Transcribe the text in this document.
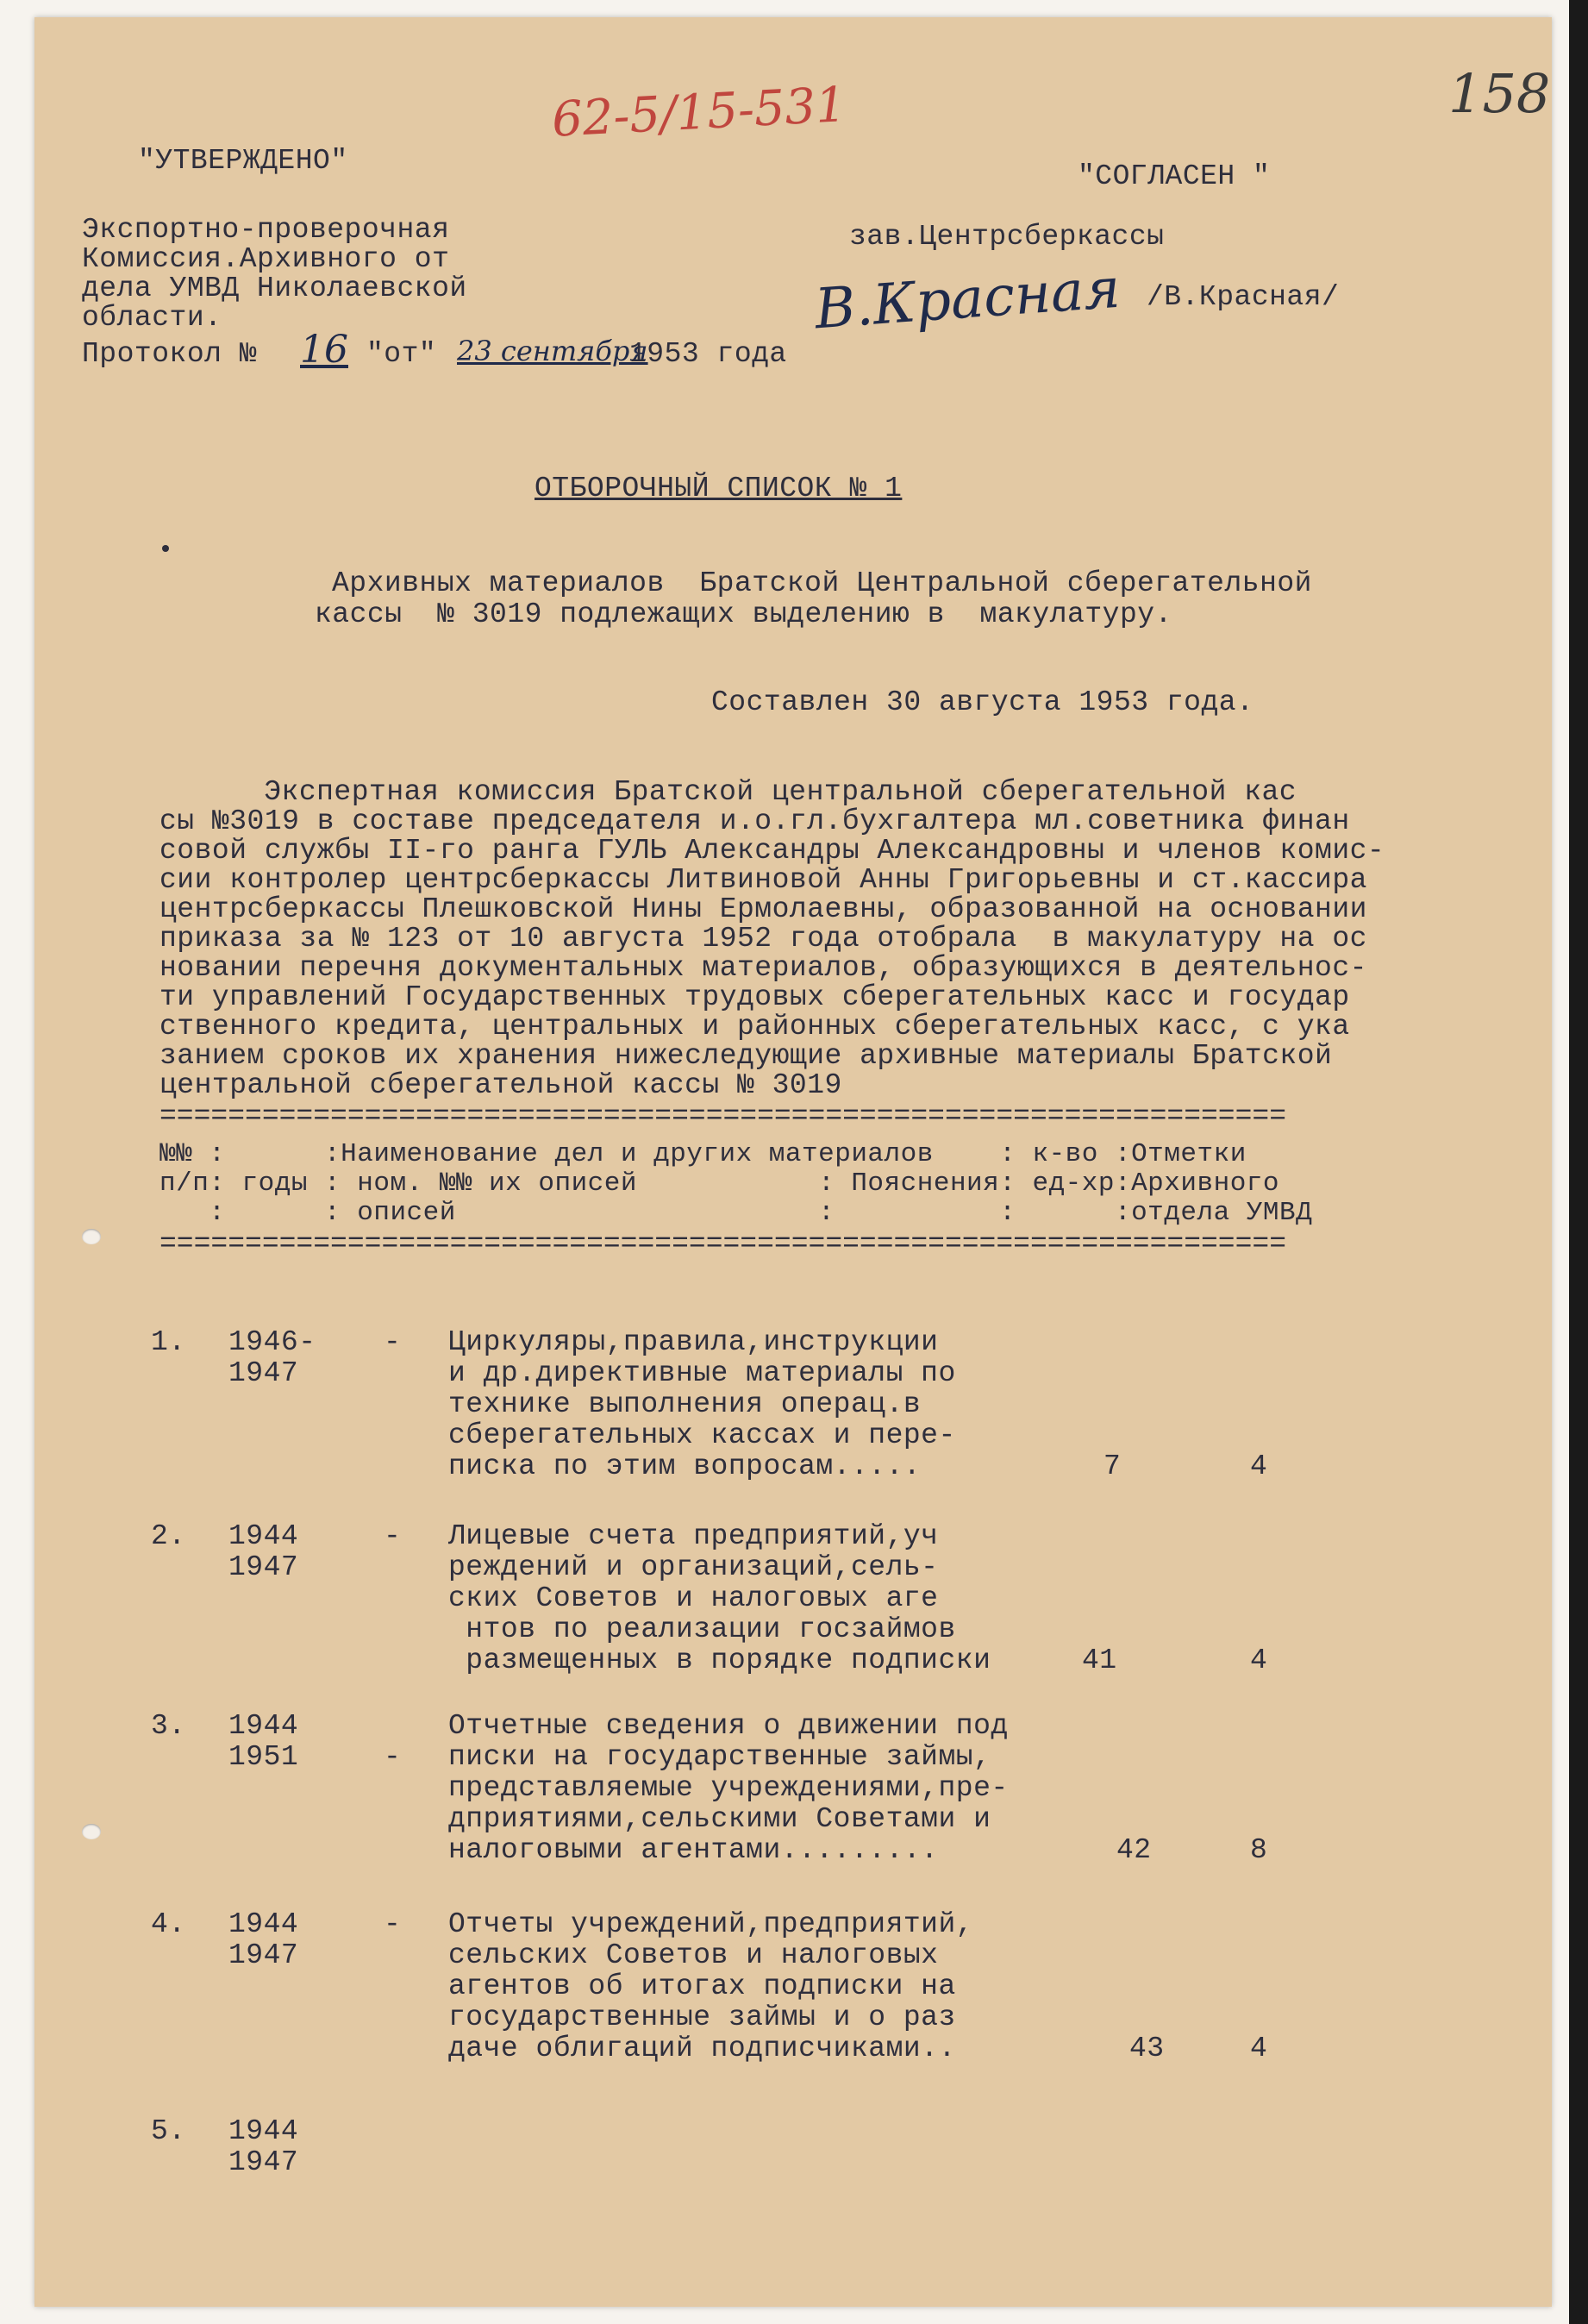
158
62-5/15-531
"УТВЕРЖДЕНО"
Экспортно-проверочная
Комиссия.Архивного от
дела УМВД Николаевской
области.
Протокол № 16 "от" 23 сентября
1953 года
"СОГЛАСЕН "
зав.Центрсберкассы
В.Красная /В.Красная/
ОТБОРОЧНЫЙ СПИСОК № 1
Архивных материалов  Братской Центральной сберегательной
кассы  № 3019 подлежащих выделению в  макулатуру.
Составлен 30 августа 1953 года.
Экспертная комиссия Братской центральной сберегательной кас
сы №3019 в составе председателя и.о.гл.бухгалтера мл.советника финан
совой службы II-го ранга ГУЛЬ Александры Александровны и членов комис-
сии контролер центрсберкассы Литвиновой Анны Григорьевны и ст.кассира
центрсберкассы Плешковской Нины Ермолаевны, образованной на основании
приказа за № 123 от 10 августа 1952 года отобрала  в макулатуру на ос
новании перечня документальных материалов, образующихся в деятельнос-
ти управлений Государственных трудовых сберегательных касс и государ
ственного кредита, центральных и районных сберегательных касс, с ука
занием сроков их хранения нижеследующие архивные материалы Братской
центральной сберегательной кассы № 3019
==================================================================
№№ :      :Наименование дел и других материалов    : к-во :Отметки
п/п: годы : ном. №№ их описей           : Пояснения: ед-хр:Архивного
:      : описей                      :          :      :отдела УМВД
==================================================================
1. 1946-
1947
- Циркуляры,правила,инструкции
и др.директивные материалы по
технике выполнения операц.в
сберегательных кассах и пере-
писка по этим вопросам.....	7	4
2. 1944
1947
- Лицевые счета предприятий,уч
реждений и организаций,сель-
ских Советов и налоговых аге
нтов по реализации госзаймов
размещенных в порядке подписки	41	4
3. 1944
1951	-
Отчетные сведения о движении под
писки на государственные займы,
представляемые учреждениями,пре-
дприятиями,сельскими Советами и
налоговыми агентами.........	42	8
4. 1944
1947
- Отчеты учреждений,предприятий,
сельских Советов и налоговых
агентов об итогах подписки на
государственные займы и о раз
даче облигаций подписчиками..	43	4
5. 1944
1947
